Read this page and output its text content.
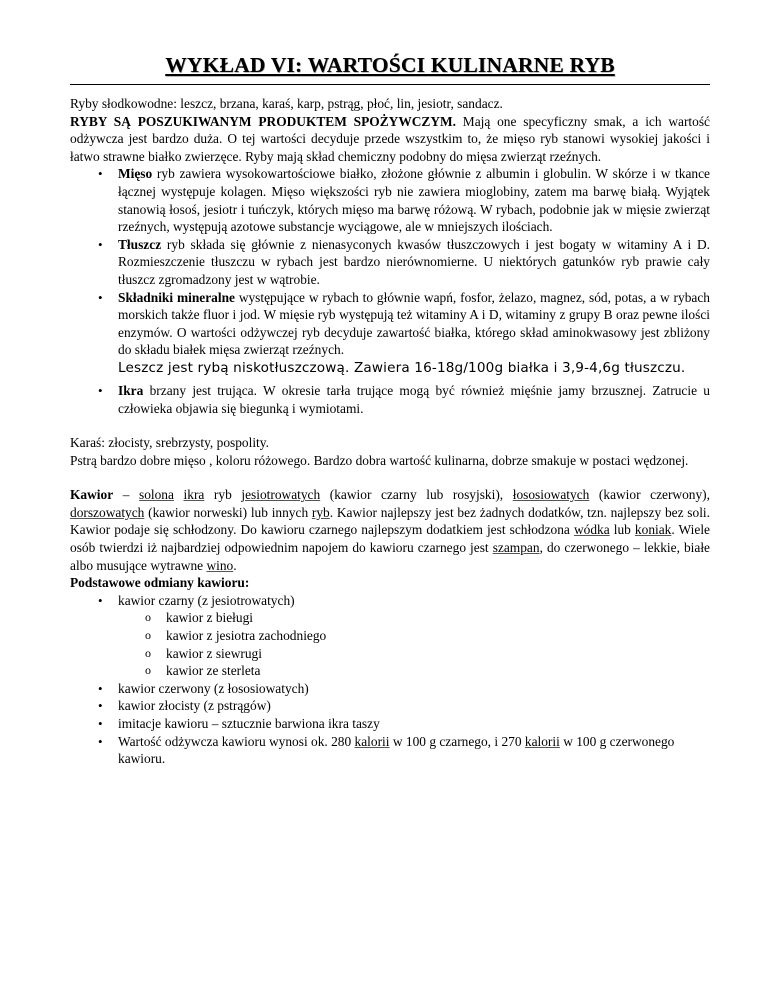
WYKŁAD VI: WARTOŚCI KULINARNE RYB

Ryby słodkowodne: leszcz, brzana, karaś, karp, pstrąg, płoć, lin, jesiotr, sandacz.

RYBY SĄ POSZUKIWANYM PRODUKTEM SPOŻYWCZYM. Mają one specyficzny smak, a ich wartość odżywcza jest bardzo duża. O tej wartości decyduje przede wszystkim to, że mięso ryb stanowi wysokiej jakości i łatwo strawne białko zwierzęce. Ryby mają skład chemiczny podobny do mięsa zwierząt rzeźnych.

• Mięso ryb zawiera wysokowartościowe białko, złożone głównie z albumin i globulin. W skórze i w tkance łącznej występuje kolagen. Mięso większości ryb nie zawiera mioglobiny, zatem ma barwę białą. Wyjątek stanowią łosoś, jesiotr i tuńczyk, których mięso ma barwę różową. W rybach, podobnie jak w mięsie zwierząt rzeźnych, występują azotowe substancje wyciągowe, ale w mniejszych ilościach.
• Tłuszcz ryb składa się głównie z nienasyconych kwasów tłuszczowych i jest bogaty w witaminy A i D. Rozmieszczenie tłuszczu w rybach jest bardzo nierównomierne. U niektórych gatunków ryb prawie cały tłuszcz zgromadzony jest w wątrobie.
• Składniki mineralne występujące w rybach to głównie wapń, fosfor, żelazo, magnez, sód, potas, a w rybach morskich także fluor i jod. W mięsie ryb występują też witaminy A i D, witaminy z grupy B oraz pewne ilości enzymów. O wartości odżywczej ryb decyduje zawartość białka, którego skład aminokwasowy jest zbliżony do składu białek mięsa zwierząt rzeźnych.
Leszcz jest rybą niskotłuszczową. Zawiera 16-18g/100g białka i 3,9-4,6g tłuszczu.
• Ikra brzany jest trująca. W okresie tarła trujące mogą być również mięśnie jamy brzusznej. Zatrucie u człowieka objawia się biegunką i wymiotami.

Karaś: złocisty, srebrzysty, pospolity.

Pstrą bardzo dobre mięso , koloru różowego. Bardzo dobra wartość kulinarna, dobrze smakuje w postaci wędzonej.

Kawior – solona ikra ryb jesiotrowatych (kawior czarny lub rosyjski), łososiowatych (kawior czerwony), dorszowatych (kawior norweski) lub innych ryb. Kawior najlepszy jest bez żadnych dodatków, tzn. najlepszy bez soli. Kawior podaje się schłodzony. Do kawioru czarnego najlepszym dodatkiem jest schłodzona wódka lub koniak. Wiele osób twierdzi iż najbardziej odpowiednim napojem do kawioru czarnego jest szampan, do czerwonego – lekkie, białe albo musujące wytrawne wino.

Podstawowe odmiany kawioru:

• kawior czarny (z jesiotrowatych)
o kawior z bieługi
o kawior z jesiotra zachodniego
o kawior z siewrugi
o kawior ze sterleta
• kawior czerwony (z łososiowatych)
• kawior złocisty (z pstrągów)
• imitacje kawioru – sztucznie barwiona ikra taszy
• Wartość odżywcza kawioru wynosi ok. 280 kalorii w 100 g czarnego, i 270 kalorii w 100 g czerwonego kawioru.
